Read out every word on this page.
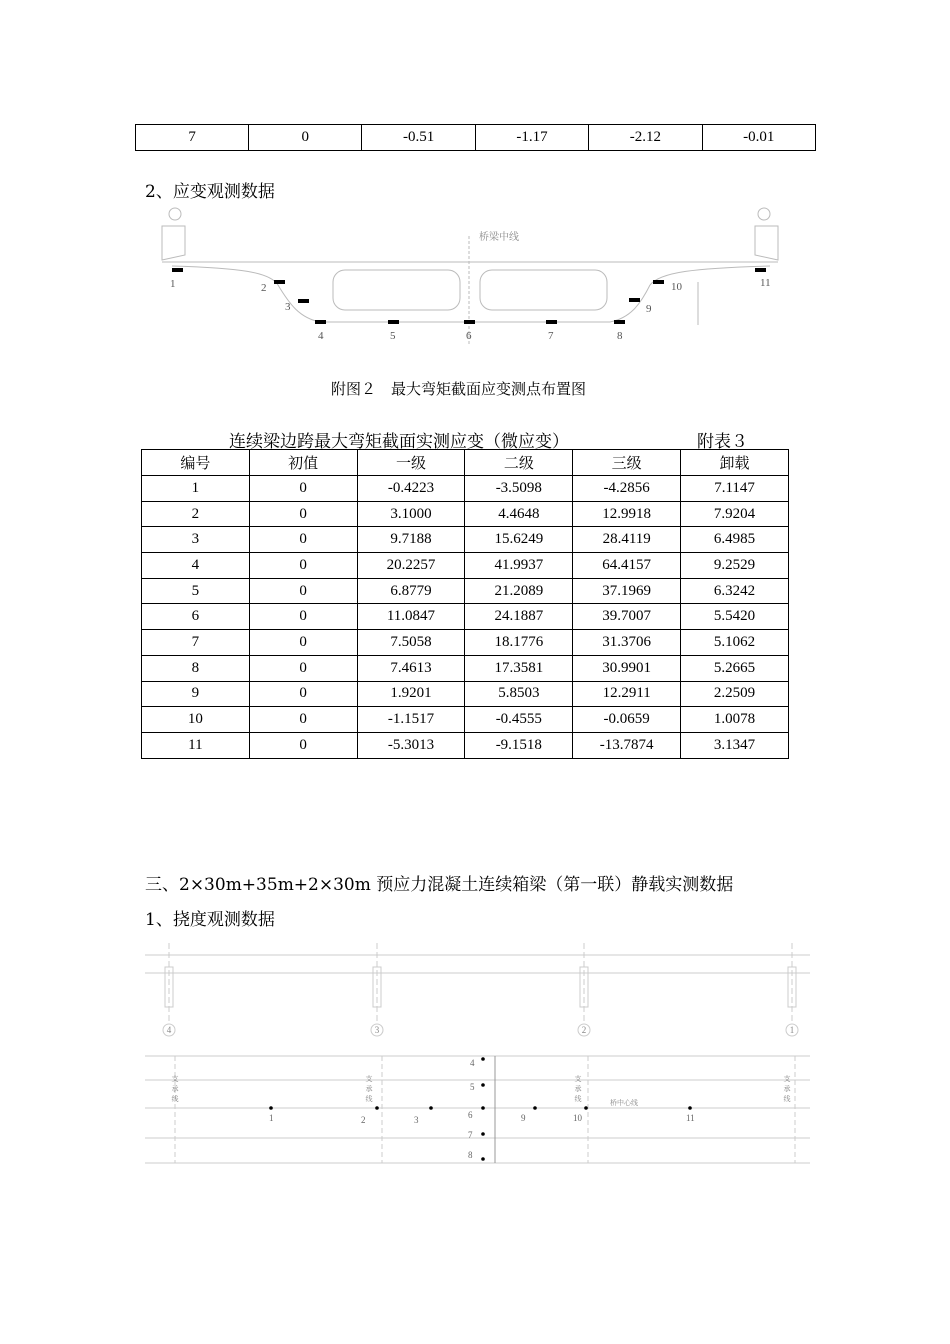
7	0	-0.51	-1.17	-2.12	-0.01
2、应变观测数据
桥梁中线
1	2
3
4	5	6	7	8
9
10	11
附图２　最大弯矩截面应变测点布置图
连续梁边跨最大弯矩截面实测应变（微应变）	附表３
编号	初值	一级	二级	三级	卸载
1	0	-0.4223	-3.5098	-4.2856	7.1147
2	0	3.1000	4.4648	12.9918	7.9204
3	0	9.7188	15.6249	28.4119	6.4985
4	0	20.2257	41.9937	64.4157	9.2529
5	0	6.8779	21.2089	37.1969	6.3242
6	0	11.0847	24.1887	39.7007	5.5420
7	0	7.5058	18.1776	31.3706	5.1062
8	0	7.4613	17.3581	30.9901	5.2665
9	0	1.9201	5.8503	12.2911	2.2509
10	0	-1.1517	-0.4555	-0.0659	1.0078
11	0	-5.3013	-9.1518	-13.7874	3.1347
三、2×30m+35m+2×30m 预应力混凝土连续箱梁（第一联）静载实测数据
1、挠度观测数据
4	3	2	1
支
承
线
支
承
线
支
承
线
支
承
线
桥中心线
1	2	3
4
5
6
7
8
9	10	11
